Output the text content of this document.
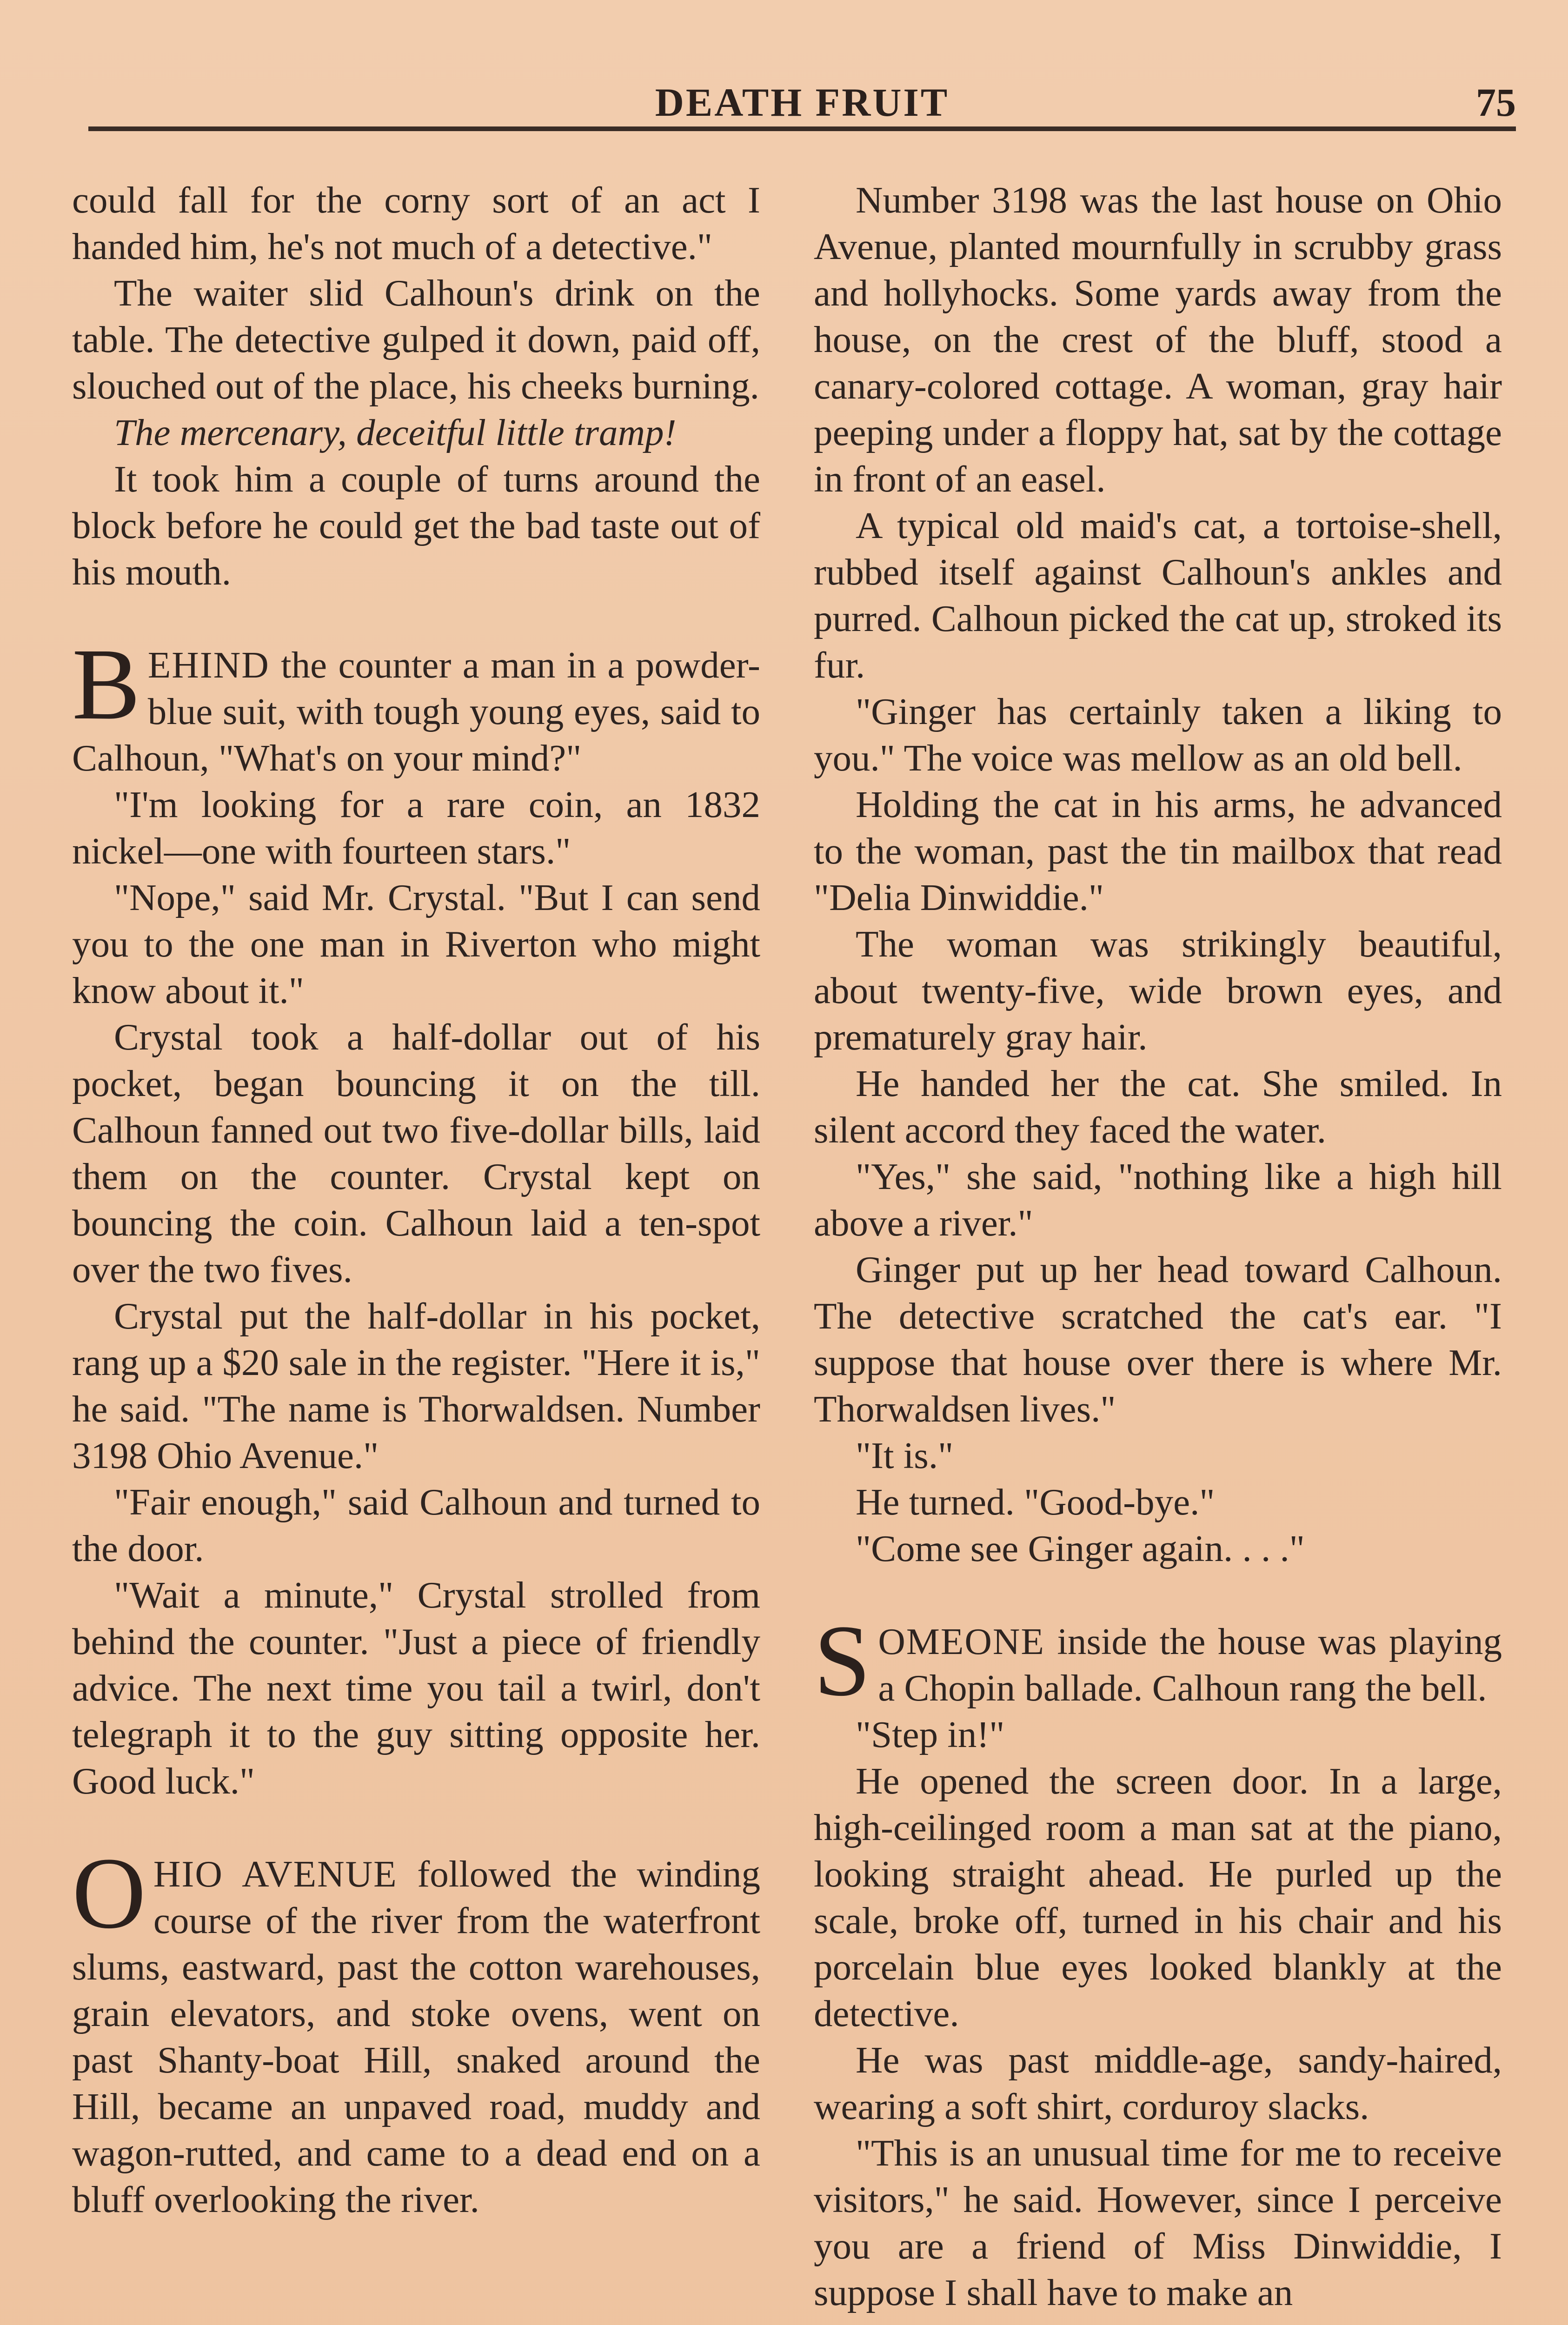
DEATH FRUIT	75

could fall for the corny sort of an act I handed him, he's not much of a detective."

The waiter slid Calhoun's drink on the table. The detective gulped it down, paid off, slouched out of the place, his cheeks burning.

The mercenary, deceitful little tramp!

It took him a couple of turns around the block before he could get the bad taste out of his mouth.

BEHIND the counter a man in a powder-blue suit, with tough young eyes, said to Calhoun, "What's on your mind?"

"I'm looking for a rare coin, an 1832 nickel—one with fourteen stars."

"Nope," said Mr. Crystal. "But I can send you to the one man in Riverton who might know about it."

Crystal took a half-dollar out of his pocket, began bouncing it on the till. Calhoun fanned out two five-dollar bills, laid them on the counter. Crystal kept on bouncing the coin. Calhoun laid a ten-spot over the two fives.

Crystal put the half-dollar in his pocket, rang up a $20 sale in the register. "Here it is," he said. "The name is Thorwaldsen. Number 3198 Ohio Avenue."

"Fair enough," said Calhoun and turned to the door.

"Wait a minute," Crystal strolled from behind the counter. "Just a piece of friendly advice. The next time you tail a twirl, don't telegraph it to the guy sitting opposite her. Good luck."

OHIO AVENUE followed the winding course of the river from the waterfront slums, eastward, past the cotton warehouses, grain elevators, and stoke ovens, went on past Shanty-boat Hill, snaked around the Hill, became an unpaved road, muddy and wagon-rutted, and came to a dead end on a bluff overlooking the river.

Number 3198 was the last house on Ohio Avenue, planted mournfully in scrubby grass and hollyhocks. Some yards away from the house, on the crest of the bluff, stood a canary-colored cottage. A woman, gray hair peeping under a floppy hat, sat by the cottage in front of an easel.

A typical old maid's cat, a tortoise-shell, rubbed itself against Calhoun's ankles and purred. Calhoun picked the cat up, stroked its fur.

"Ginger has certainly taken a liking to you." The voice was mellow as an old bell.

Holding the cat in his arms, he advanced to the woman, past the tin mailbox that read "Delia Dinwiddie."

The woman was strikingly beautiful, about twenty-five, wide brown eyes, and prematurely gray hair.

He handed her the cat. She smiled. In silent accord they faced the water.

"Yes," she said, "nothing like a high hill above a river."

Ginger put up her head toward Calhoun. The detective scratched the cat's ear. "I suppose that house over there is where Mr. Thorwaldsen lives."

"It is."

He turned. "Good-bye."

"Come see Ginger again. . . ."

SOMEONE inside the house was playing a Chopin ballade. Calhoun rang the bell.

"Step in!"

He opened the screen door. In a large, high-ceilinged room a man sat at the piano, looking straight ahead. He purled up the scale, broke off, turned in his chair and his porcelain blue eyes looked blankly at the detective.

He was past middle-age, sandy-haired, wearing a soft shirt, corduroy slacks.

"This is an unusual time for me to receive visitors," he said. However, since I perceive you are a friend of Miss Dinwiddie, I suppose I shall have to make an
